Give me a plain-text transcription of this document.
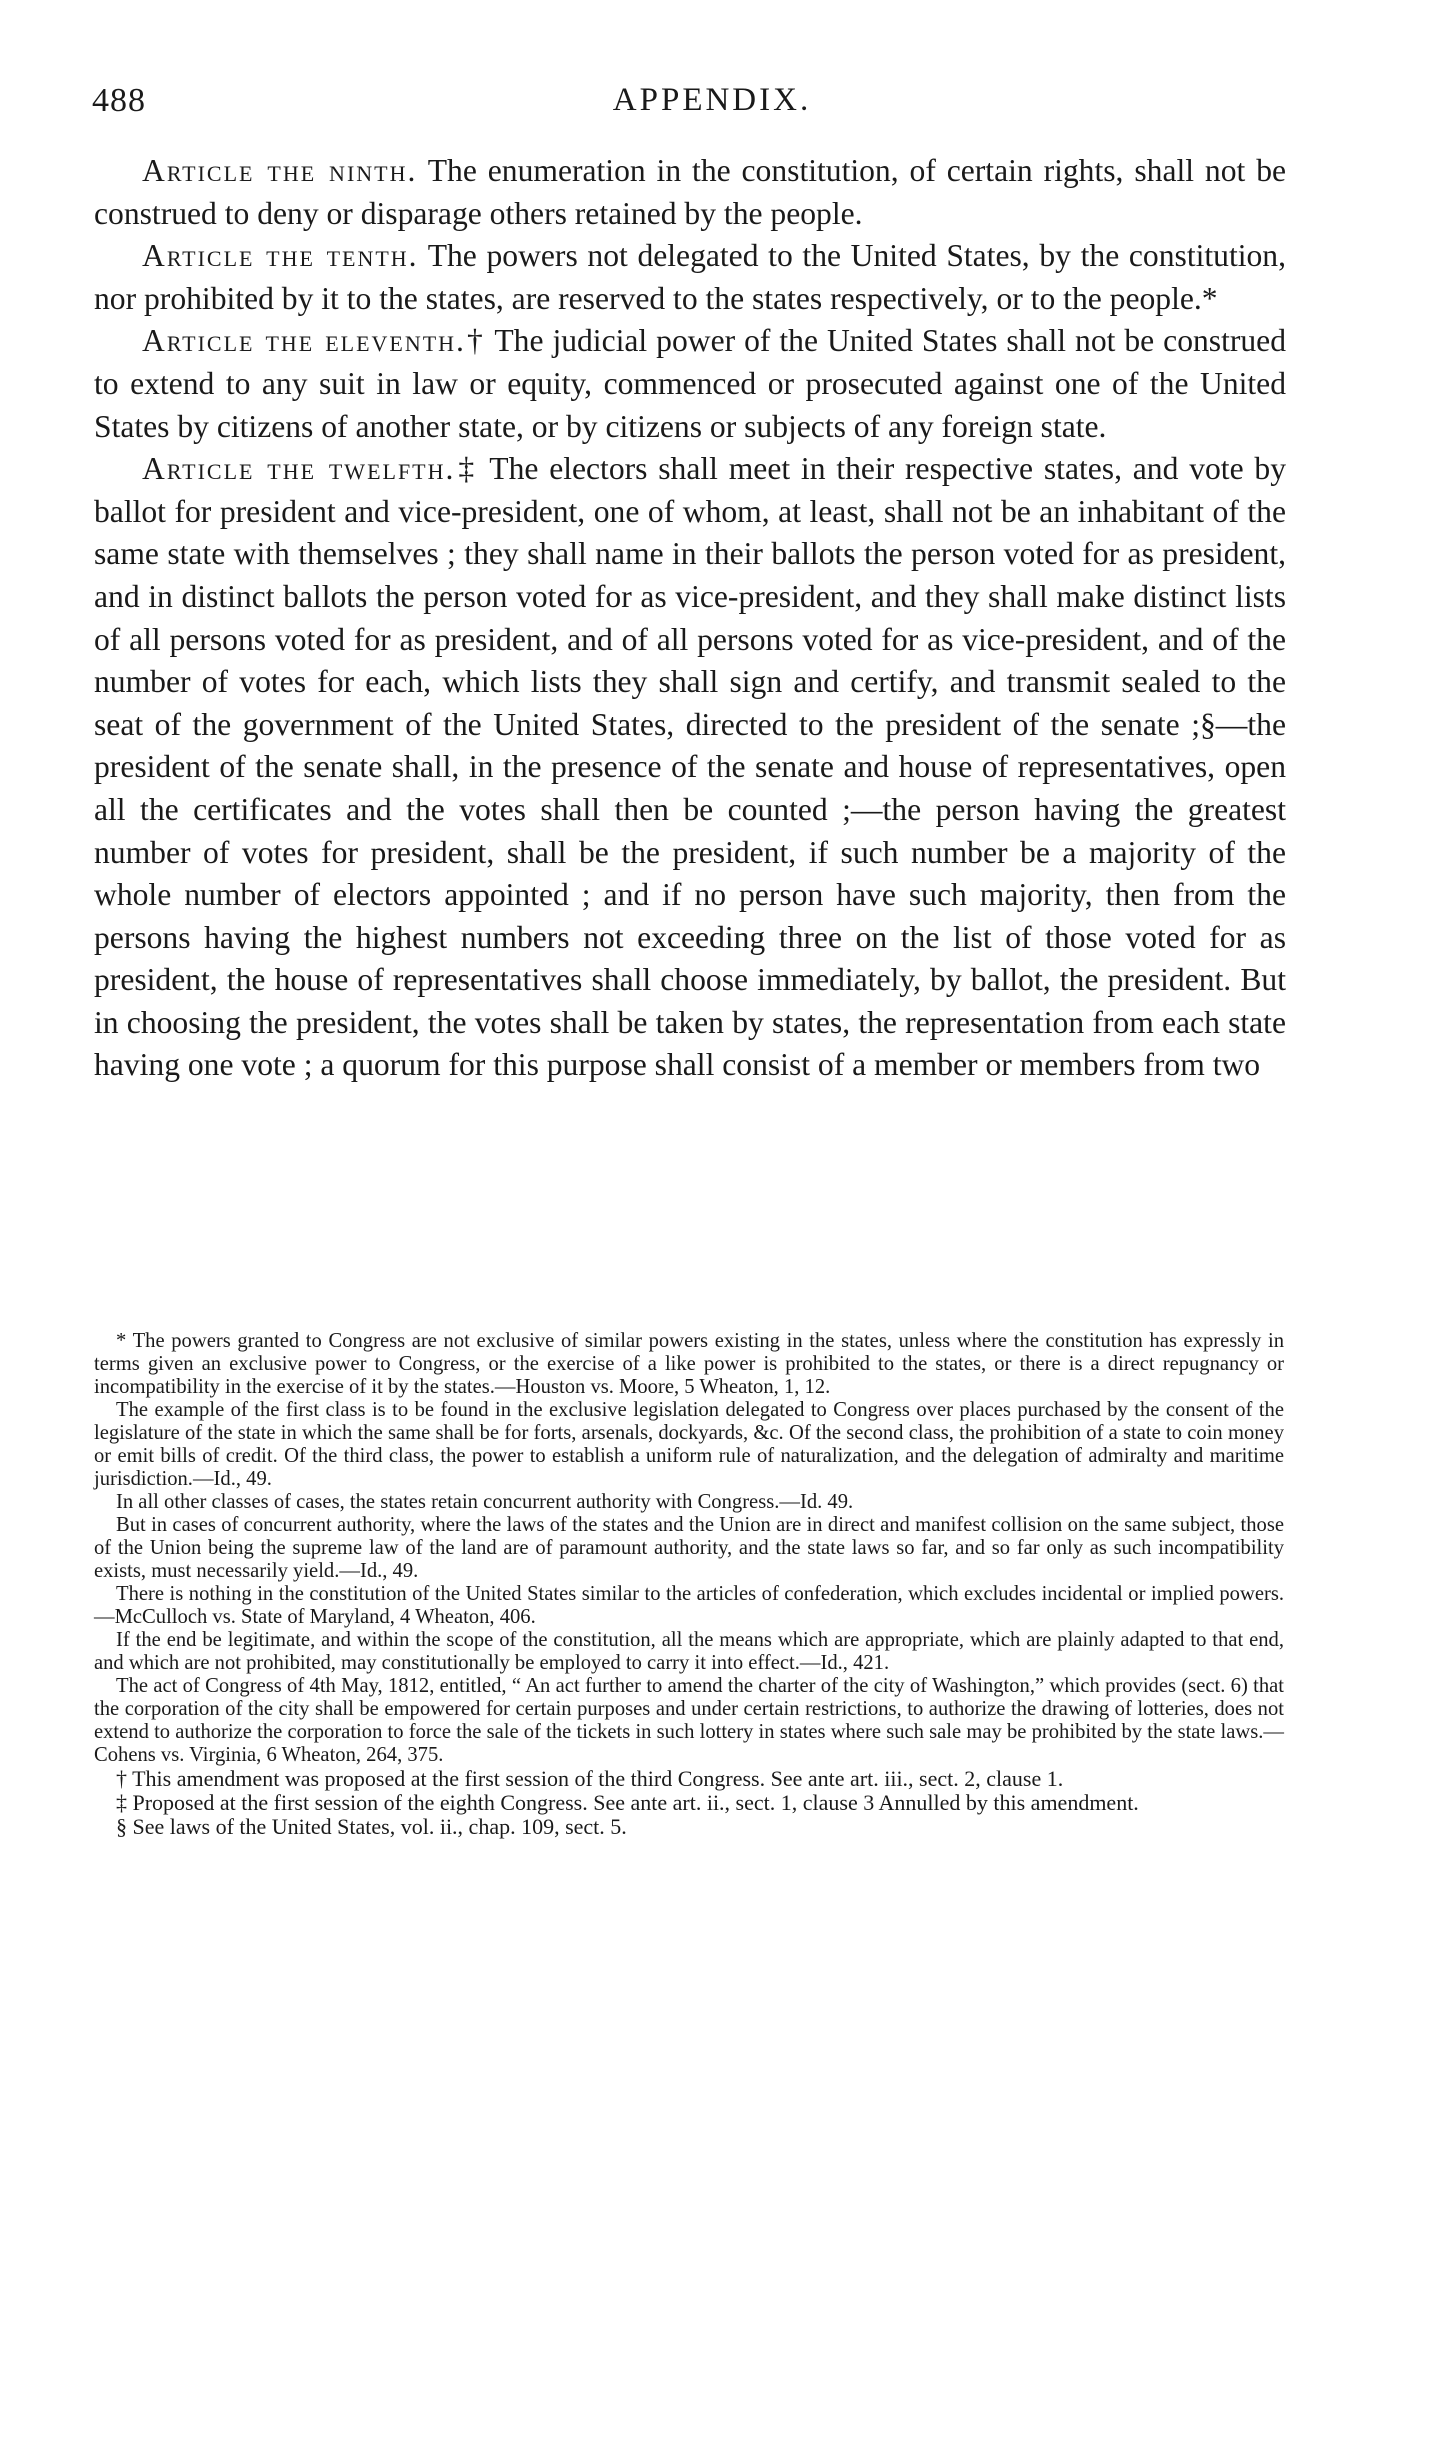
488	APPENDIX.

Article the ninth. The enumeration in the constitution, of certain rights, shall not be construed to deny or disparage others retained by the people.

Article the tenth. The powers not delegated to the United States, by the constitution, nor prohibited by it to the states, are reserved to the states respectively, or to the people.*

Article the eleventh.† The judicial power of the United States shall not be construed to extend to any suit in law or equity, commenced or prosecuted against one of the United States by citizens of another state, or by citizens or subjects of any foreign state.

Article the twelfth.‡ The electors shall meet in their respective states, and vote by ballot for president and vice-president, one of whom, at least, shall not be an inhabitant of the same state with themselves ; they shall name in their ballots the person voted for as president, and in distinct ballots the person voted for as vice-president, and they shall make distinct lists of all persons voted for as president, and of all persons voted for as vice-president, and of the number of votes for each, which lists they shall sign and certify, and transmit sealed to the seat of the government of the United States, directed to the president of the senate ;§—the president of the senate shall, in the presence of the senate and house of representatives, open all the certificates and the votes shall then be counted ;—the person having the greatest number of votes for president, shall be the president, if such number be a majority of the whole number of electors appointed ; and if no person have such majority, then from the persons having the highest numbers not exceeding three on the list of those voted for as president, the house of representatives shall choose immediately, by ballot, the president. But in choosing the president, the votes shall be taken by states, the representation from each state having one vote ; a quorum for this purpose shall consist of a member or members from two

* The powers granted to Congress are not exclusive of similar powers existing in the states, unless where the constitution has expressly in terms given an exclusive power to Congress, or the exercise of a like power is prohibited to the states, or there is a direct repugnancy or incompatibility in the exercise of it by the states.—Houston vs. Moore, 5 Wheaton, 1, 12.

The example of the first class is to be found in the exclusive legislation delegated to Congress over places purchased by the consent of the legislature of the state in which the same shall be for forts, arsenals, dockyards, &c. Of the second class, the prohibition of a state to coin money or emit bills of credit. Of the third class, the power to establish a uniform rule of naturalization, and the delegation of admiralty and maritime jurisdiction.—Id., 49.

In all other classes of cases, the states retain concurrent authority with Congress.—Id. 49.

But in cases of concurrent authority, where the laws of the states and the Union are in direct and manifest collision on the same subject, those of the Union being the supreme law of the land are of paramount authority, and the state laws so far, and so far only as such incompatibility exists, must necessarily yield.—Id., 49.

There is nothing in the constitution of the United States similar to the articles of confederation, which excludes incidental or implied powers.—McCulloch vs. State of Maryland, 4 Wheaton, 406.

If the end be legitimate, and within the scope of the constitution, all the means which are appropriate, which are plainly adapted to that end, and which are not prohibited, may constitutionally be employed to carry it into effect.—Id., 421.

The act of Congress of 4th May, 1812, entitled, “ An act further to amend the charter of the city of Washington,” which provides (sect. 6) that the corporation of the city shall be empowered for certain purposes and under certain restrictions, to authorize the drawing of lotteries, does not extend to authorize the corporation to force the sale of the tickets in such lottery in states where such sale may be prohibited by the state laws.—Cohens vs. Virginia, 6 Wheaton, 264, 375.

† This amendment was proposed at the first session of the third Congress. See ante art. iii., sect. 2, clause 1.

‡ Proposed at the first session of the eighth Congress. See ante art. ii., sect. 1, clause 3 Annulled by this amendment.

§ See laws of the United States, vol. ii., chap. 109, sect. 5.
